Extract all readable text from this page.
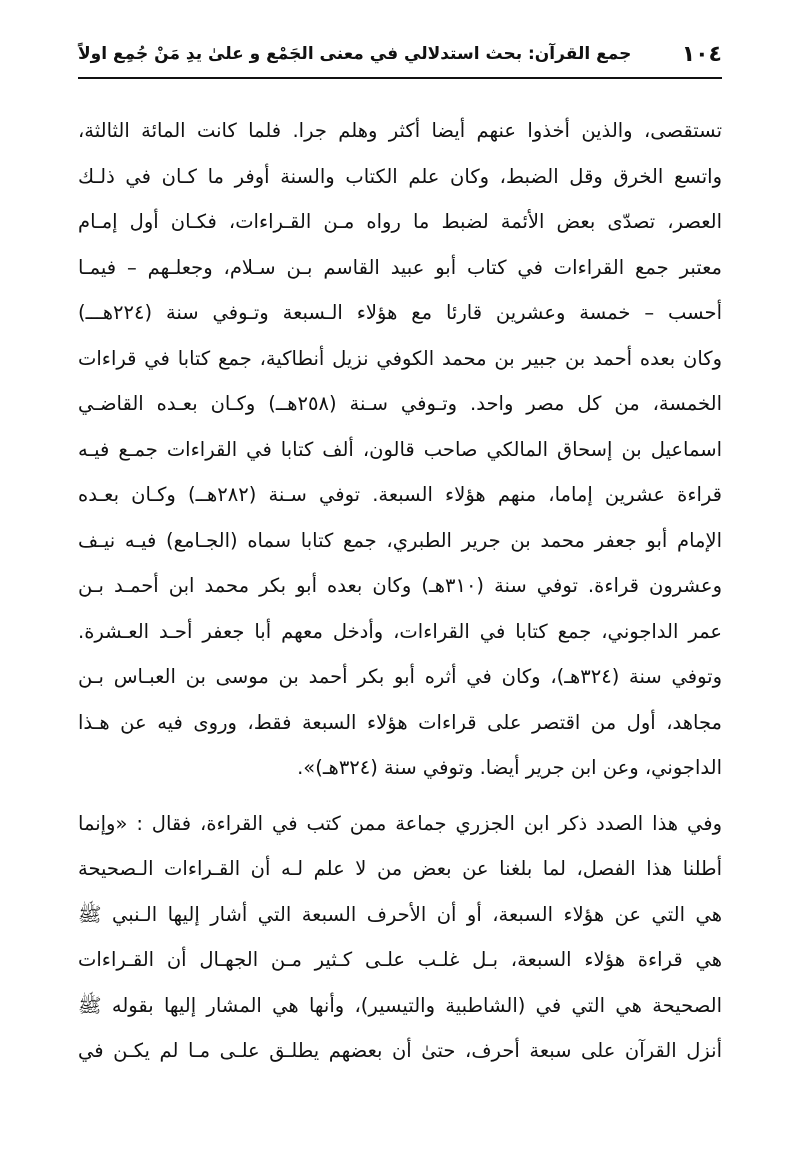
١٠٤
جمع القرآن: بحث استدلالي في معنى الجَمْع و علىٰ يدِ مَنْ جُمِع اولاً
تستقصى، والذين أخذوا عنهم أيضا أكثر وهلم جرا. فلما كانت المائة الثالثة،
واتسع الخرق وقل الضبط، وكان علم الكتاب والسنة أوفر ما كـان في ذلـك
العصر، تصدّى بعض الأئمة لضبط ما رواه مـن القـراءات، فكـان أول إمـام
معتبر جمع القراءات في كتاب أبو عبيد القاسم بـن سـلام، وجعلـهم – فيمـا
أحسب – خمسة وعشرين قارئا مع هؤلاء الـسبعة وتـوفي سنة (٢٢٤هـــ)
وكان بعده أحمد بن جبير بن محمد الكوفي نزيل أنطاكية، جمع كتابا في قراءات
الخمسة، من كل مصر واحد. وتـوفي سـنة (٢٥٨هــ) وكـان بعـده القاضـي
اسماعيل بن إسحاق المالكي صاحب قالون، ألف كتابا في القراءات جمـع فيـه
قراءة عشرين إماما، منهم هؤلاء السبعة. توفي سـنة (٢٨٢هــ) وكـان بعـده
الإمام أبو جعفر محمد بن جرير الطبري، جمع كتابا سماه (الجـامع) فيـه نيـف
وعشرون قراءة. توفي سنة (٣١٠هـ) وكان بعده أبو بكر محمد ابن أحمـد بـن
عمر الداجوني، جمع كتابا في القراءات، وأدخل معهم أبا جعفر أحـد العـشرة.
وتوفي سنة (٣٢٤هـ)، وكان في أثره أبو بكر أحمد بن موسى بن العبـاس بـن
مجاهد، أول من اقتصر على قراءات هؤلاء السبعة فقط، وروى فيه عن هـذا
الداجوني، وعن ابن جرير أيضا. وتوفي سنة (٣٢٤هـ)».
وفي هذا الصدد ذكر ابن الجزري جماعة ممن كتب في القراءة، فقال : «وإنما
أطلنا هذا الفصل، لما بلغنا عن بعض من لا علم لـه أن القـراءات الـصحيحة
هي التي عن هؤلاء السبعة، أو أن الأحرف السبعة التي أشار إليها الـنبي ﷺ
هي قراءة هؤلاء السبعة، بـل غلـب علـى كـثير مـن الجهـال أن القـراءات
الصحيحة هي التي في (الشاطبية والتيسير)، وأنها هي المشار إليها بقوله ﷺ
أنزل القرآن على سبعة أحرف، حتىٰ أن بعضهم يطلـق علـى مـا لم يكـن في
